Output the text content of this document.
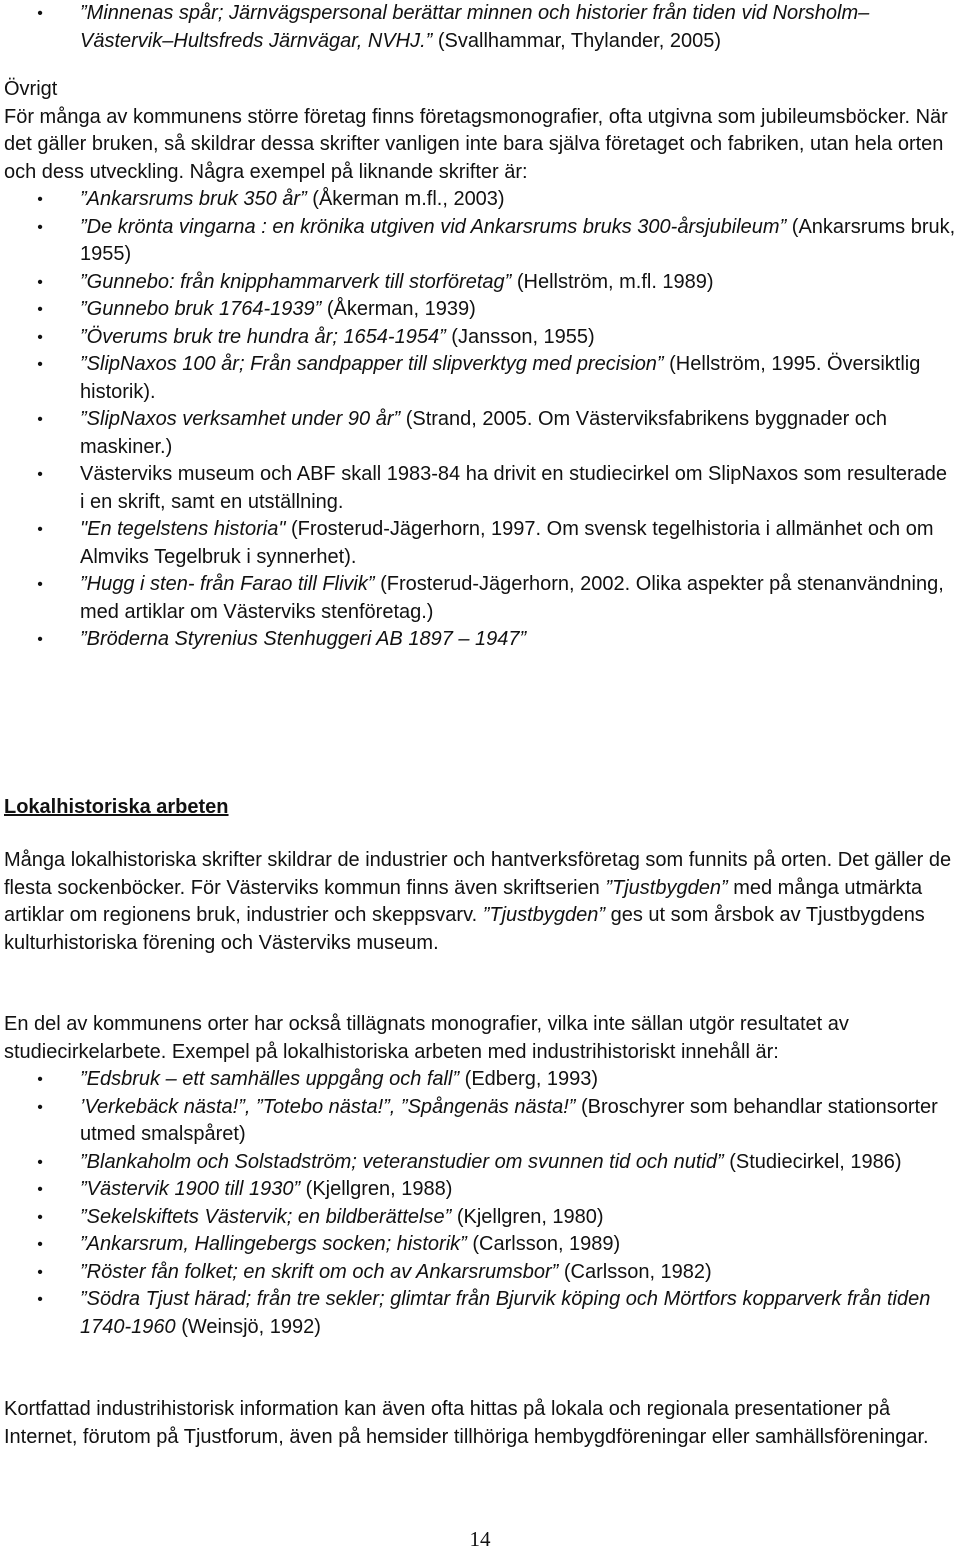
•	”Minnenas spår; Järnvägspersonal berättar minnen och historier från tiden vid Norsholm–Västervik–Hultsfreds Järnvägar, NVHJ.” (Svallhammar, Thylander, 2005)

Övrigt

För många av kommunens större företag finns företagsmonografier, ofta utgivna som jubileumsböcker. När det gäller bruken, så skildrar dessa skrifter vanligen inte bara själva företaget och fabriken, utan hela orten och dess utveckling. Några exempel på liknande skrifter är:

•	”Ankarsrums bruk 350 år” (Åkerman m.fl., 2003)
•	”De krönta vingarna : en krönika utgiven vid Ankarsrums bruks 300-årsjubileum” (Ankarsrums bruk, 1955)
•	”Gunnebo: från knipphammarverk till storföretag” (Hellström, m.fl. 1989)
•	”Gunnebo bruk 1764-1939” (Åkerman, 1939)
•	”Överums bruk tre hundra år; 1654-1954” (Jansson, 1955)
•	”SlipNaxos 100 år; Från sandpapper till slipverktyg med precision” (Hellström, 1995. Översiktlig historik).
•	”SlipNaxos verksamhet under 90 år” (Strand, 2005. Om Västerviksfabrikens byggnader och maskiner.)
•	Västerviks museum och ABF skall 1983-84 ha drivit en studiecirkel om SlipNaxos som resulterade i en skrift, samt en utställning.
•	"En tegelstens historia" (Frosterud-Jägerhorn, 1997. Om svensk tegelhistoria i allmänhet och om Almviks Tegelbruk i synnerhet).
•	”Hugg i sten- från Farao till Flivik” (Frosterud-Jägerhorn, 2002. Olika aspekter på stenanvändning, med artiklar om Västerviks stenföretag.)
•	”Bröderna Styrenius Stenhuggeri AB 1897 – 1947”

Lokalhistoriska arbeten

Många lokalhistoriska skrifter skildrar de industrier och hantverksföretag som funnits på orten. Det gäller de flesta sockenböcker. För Västerviks kommun finns även skriftserien ”Tjustbygden” med många utmärkta artiklar om regionens bruk, industrier och skeppsvarv. ”Tjustbygden” ges ut som årsbok av Tjustbygdens kulturhistoriska förening och Västerviks museum.

En del av kommunens orter har också tillägnats monografier, vilka inte sällan utgör resultatet av studiecirkelarbete. Exempel på lokalhistoriska arbeten med industrihistoriskt innehåll är:

•	”Edsbruk – ett samhälles uppgång och fall” (Edberg, 1993)
•	’Verkebäck nästa!”, ”Totebo nästa!”, ”Spångenäs nästa!” (Broschyrer som behandlar stationsorter utmed smalspåret)
•	”Blankaholm och Solstadström; veteranstudier om svunnen tid och nutid” (Studiecirkel, 1986)
•	”Västervik 1900 till 1930” (Kjellgren, 1988)
•	”Sekelskiftets Västervik; en bildberättelse” (Kjellgren, 1980)
•	”Ankarsrum, Hallingebergs socken; historik” (Carlsson, 1989)
•	”Röster fån folket; en skrift om och av Ankarsrumsbor” (Carlsson, 1982)
•	”Södra Tjust härad; från tre sekler; glimtar från Bjurvik köping och Mörtfors kopparverk från tiden 1740-1960 (Weinsjö, 1992)

Kortfattad industrihistorisk information kan även ofta hittas på lokala och regionala presentationer på Internet, förutom på Tjustforum, även på hemsider tillhöriga hembygdföreningar eller samhällsföreningar.

14
